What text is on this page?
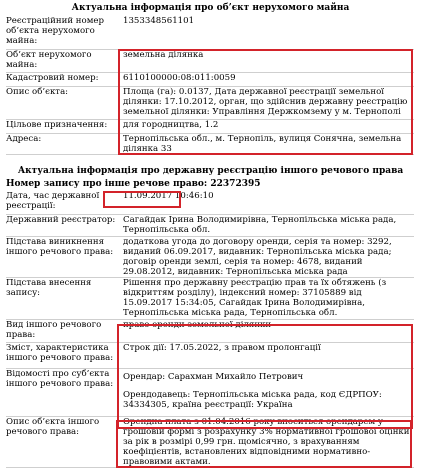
Актуальна інформація про об’єкт нерухомого майна
Реєстраційний номер об’єкта нерухомого майна:	1353348561101
Об’єкт нерухомого майна:	земельна ділянка
Кадастровий номер:	6110100000:08:011:0059
Опис об’єкта:	Площа (га): 0.0137, Дата державної реєстрації земельної ділянки: 17.10.2012, орган, що здійснив державну реєстрацію земельної ділянки: Управління Держкомзему у м. Тернополі
Цільове призначення:	для городництва, 1.2
Адреса:	Тернопільська обл., м. Тернопіль, вулиця Сонячна, земельна ділянка 33
Актуальна інформація про державну реєстрацію іншого речового права
Номер запису про інше речове право: 22372395
Дата, час державної реєстрації:	11.09.2017 10:46:10
Державний реєстратор:	Сагайдак Ірина Володимирівна, Тернопільська міська рада, Тернопільська обл.
Підстава виникнення іншого речового права:	додаткова угода до договору оренди, серія та номер: 3292, виданий 06.09.2017, видавник: Тернопільська міська рада; договір оренди землі, серія та номер: 4678, виданий 29.08.2012, видавник: Тернопільська міська рада
Підстава внесення запису:	Рішення про державну реєстрацію прав та їх обтяжень (з відкриттям розділу), індексний номер: 37105889 від 15.09.2017 15:34:05, Сагайдак Ірина Володимирівна, Тернопільська міська рада, Тернопільська обл.
Вид іншого речового права:	право оренди земельної ділянки
Зміст, характеристика іншого речового права:	Строк дії: 17.05.2022, з правом пролонгації
Відомості про суб’єкта іншого речового права:	Орендар: Сарахман Михайло Петрович
Орендодавець: Тернопільська міська рада, код ЄДРПОУ: 34334305, країна реєстрації: Україна

Опис об’єкта іншого речового права:	Орендна плата з 01.04.2016 року вноситься орендарем у грошовій формі з розрахунку 3% нормативної грошової оцінки за рік в розмірі 0,99 грн. щомісячно, з врахуванням коефіцієнтів, встановлених відповідними нормативно-правовими актами.
